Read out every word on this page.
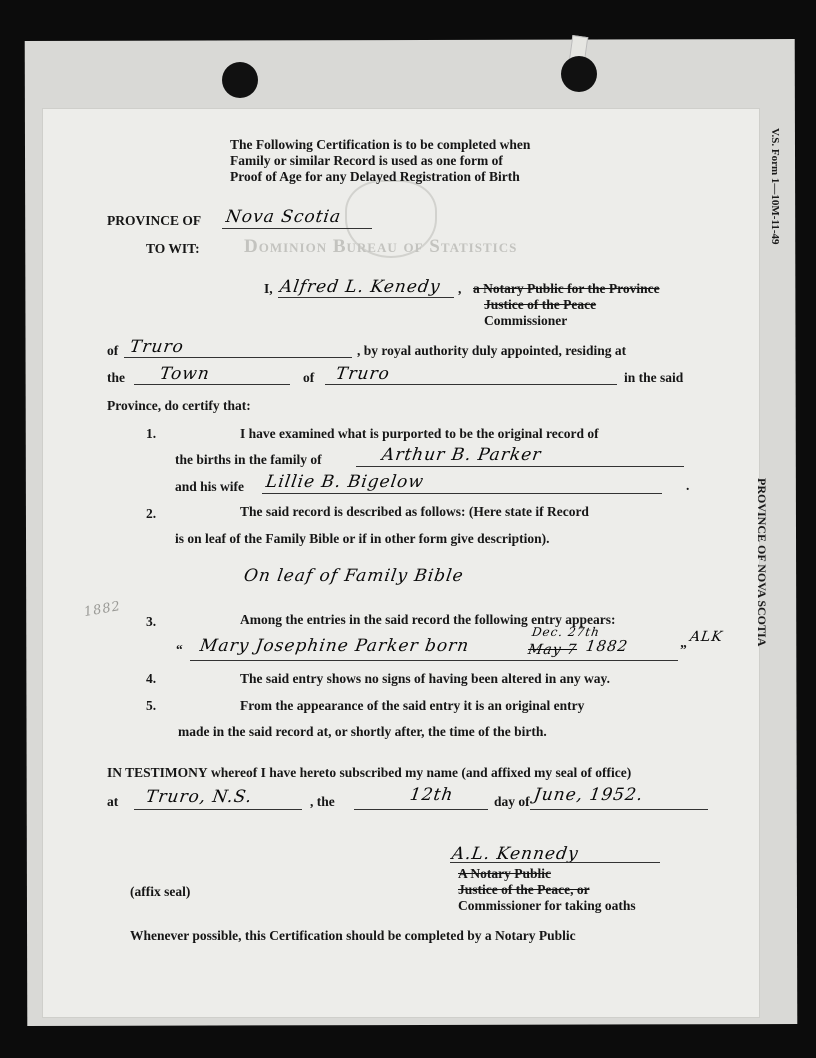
Dominion Bureau of Statistics
V.S. Form 1—10M-11-49
PROVINCE OF NOVA SCOTIA
The Following Certification is to be completed when
Family or similar Record is used as one form of
Proof of Age for any Delayed Registration of Birth
PROVINCE OF Nova Scotia
TO WIT:
I, Alfred L. Kenedy , a Notary Public for the Province
Justice of the Peace
Commissioner
of Truro	, by royal authority duly appointed, residing at
the Town	of Truro	in the said
Province, do certify that:
1.	I have examined what is purported to be the original record of
the births in the family of	Arthur B. Parker
and his wife Lillie B. Bigelow	.
2.	The said record is described as follows: (Here state if Record
is on leaf of the Family Bible or if in other form give description).
On leaf of Family Bible
1882
3.	Among the entries in the said record the following entry appears:
“ Mary Josephine Parker born	May 7
Dec. 27th
1882	”
ALK
4.	The said entry shows no signs of having been altered in any way.
5.	From the appearance of the said entry it is an original entry
made in the said record at, or shortly after, the time of the birth.
IN TESTIMONY whereof I have hereto subscribed my name (and affixed my seal of office)
at Truro, N.S.	, the	12th	day of June, 1952.
A.L. Kennedy
A Notary Public
Justice of the Peace, or
Commissioner for taking oaths
(affix seal)
Whenever possible, this Certification should be completed by a Notary Public
